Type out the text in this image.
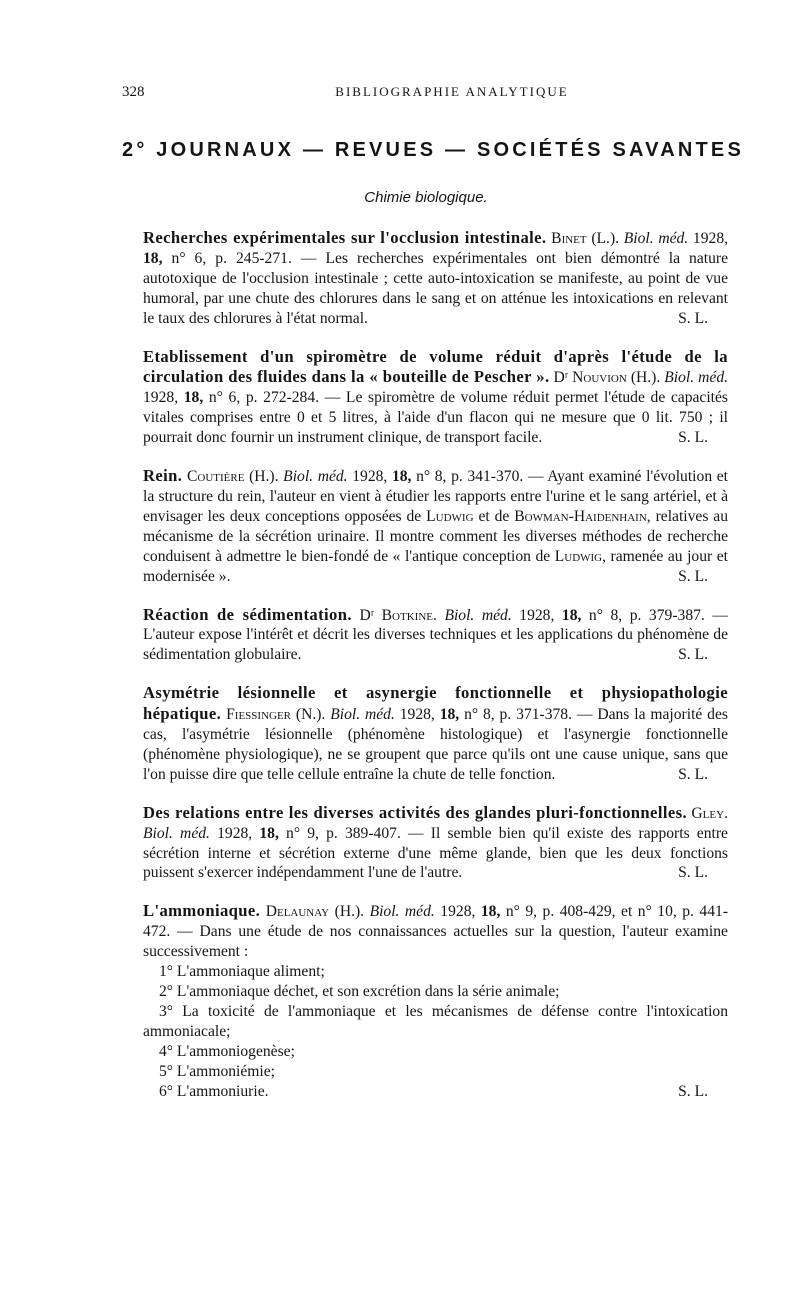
328	BIBLIOGRAPHIE ANALYTIQUE
2° JOURNAUX — REVUES — SOCIÉTÉS SAVANTES
Chimie biologique.

Recherches expérimentales sur l'occlusion intestinale. Binet (L.). Biol. méd. 1928, 18, n° 6, p. 245-271. — Les recherches expérimentales ont bien démontré la nature autotoxique de l'occlusion intestinale ; cette auto-intoxication se manifeste, au point de vue humoral, par une chute des chlorures dans le sang et on atténue les intoxications en relevant le taux des chlorures à l'état normal.	S. L.

Etablissement d'un spiromètre de volume réduit d'après l'étude de la circulation des fluides dans la « bouteille de Pescher ». Dʳ Nouvion (H.). Biol. méd. 1928, 18, n° 6, p. 272-284. — Le spiromètre de volume réduit permet l'étude de capacités vitales comprises entre 0 et 5 litres, à l'aide d'un flacon qui ne mesure que 0 lit. 750 ; il pourrait donc fournir un instrument clinique, de transport facile.	S. L.

Rein. Coutière (H.). Biol. méd. 1928, 18, n° 8, p. 341-370. — Ayant examiné l'évolution et la structure du rein, l'auteur en vient à étudier les rapports entre l'urine et le sang artériel, et à envisager les deux conceptions opposées de Ludwig et de Bowman-Haidenhain, relatives au mécanisme de la sécrétion urinaire. Il montre comment les diverses méthodes de recherche conduisent à admettre le bien-fondé de « l'antique conception de Ludwig, ramenée au jour et modernisée ».	S. L.

Réaction de sédimentation. Dʳ Botkine. Biol. méd. 1928, 18, n° 8, p. 379-387. — L'auteur expose l'intérêt et décrit les diverses techniques et les applications du phénomène de sédimentation globulaire.	S. L.

Asymétrie lésionnelle et asynergie fonctionnelle et physiopathologie hépatique. Fiessinger (N.). Biol. méd. 1928, 18, n° 8, p. 371-378. — Dans la majorité des cas, l'asymétrie lésionnelle (phénomène histologique) et l'asynergie fonctionnelle (phénomène physiologique), ne se groupent que parce qu'ils ont une cause unique, sans que l'on puisse dire que telle cellule entraîne la chute de telle fonction.	S. L.

Des relations entre les diverses activités des glandes pluri-fonctionnelles. Gley. Biol. méd. 1928, 18, n° 9, p. 389-407. — Il semble bien qu'il existe des rapports entre sécrétion interne et sécrétion externe d'une même glande, bien que les deux fonctions puissent s'exercer indépendamment l'une de l'autre.	S. L.

L'ammoniaque. Delaunay (H.). Biol. méd. 1928, 18, n° 9, p. 408-429, et n° 10, p. 441-472. — Dans une étude de nos connaissances actuelles sur la question, l'auteur examine successivement :
1° L'ammoniaque aliment;
2° L'ammoniaque déchet, et son excrétion dans la série animale;
3° La toxicité de l'ammoniaque et les mécanismes de défense contre l'intoxication ammoniacale;
4° L'ammoniogenèse;
5° L'ammoniémie;
6° L'ammoniurie.	S. L.
